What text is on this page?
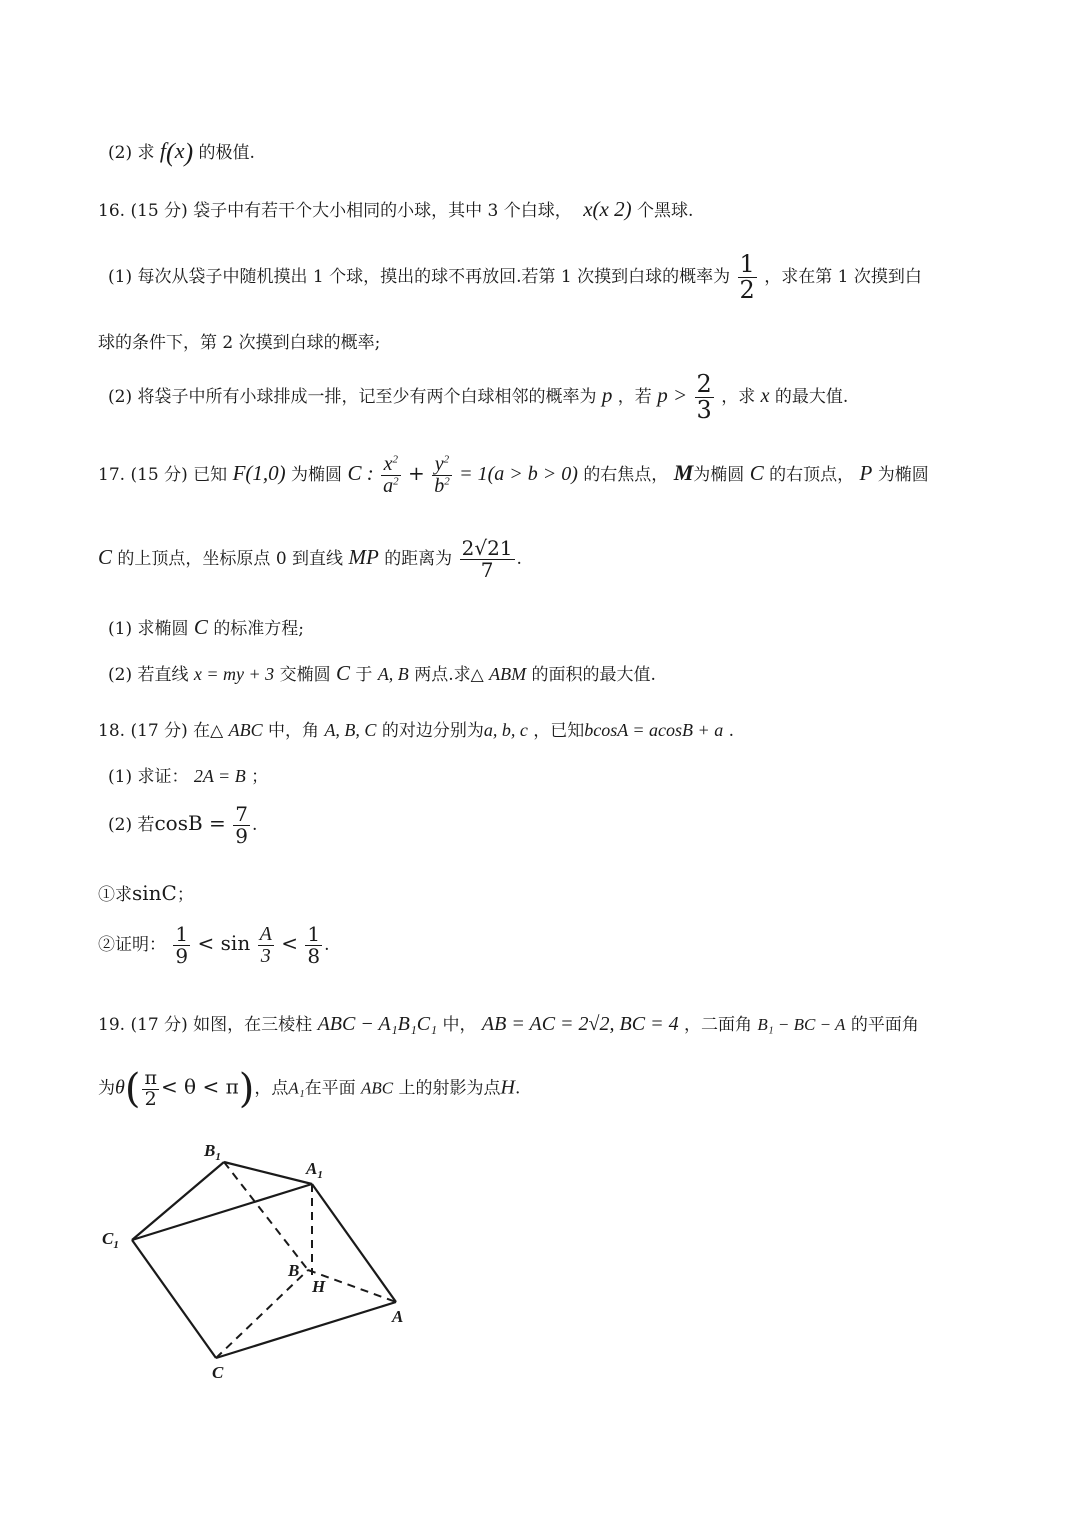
(2) 求 f(x) 的极值.
16. (15 分) 袋子中有若干个大小相同的小球，其中 3 个白球， x(x 2) 个黑球.
(1) 每次从袋子中随机摸出 1 个球，摸出的球不再放回.若第 1 次摸到白球的概率为 $\frac{1}{2}$ ，求在第 1 次摸到白
球的条件下，第 2 次摸到白球的概率;
(2) 将袋子中所有小球排成一排，记至少有两个白球相邻的概率为 p ，若 $p > \frac{2}{3}$ ，求 x 的最大值.
17. (15 分) 已知 F(1,0) 为椭圆 C : $\frac{x^2}{a^2} + \frac{y^2}{b^2} = 1(a > b > 0)$ 的右焦点， M为椭圆 C 的右顶点， P 为椭圆
C 的上顶点，坐标原点 0 到直线 MP 的距离为 $\frac{2√21}{7}$ .
(1) 求椭圆 C 的标准方程;
(2) 若直线 x = my + 3 交椭圆 C 于 A, B 两点.求△ ABM 的面积的最大值.
18. (17 分) 在△ ABC 中，角 A, B, C 的对边分别为a, b, c ，已知bcosA = acosB + a .
(1) 求证： 2A = B ；
(2) 若$\cos B = \frac{7}{9}$ .
①求sinC；
②证明： $\frac{1}{9} < \sin \frac{A}{3} < \frac{1}{8}$ .
19. (17 分) 如图，在三棱柱 ABC − A₁B₁C₁ 中， AB = AC = 2√2, BC = 4 ，二面角 B₁ − BC − A 的平面角
为$\theta( \frac{\pi}{2} < \theta < \pi)$，点A₁在平面 ABC 上的射影为点H.
$B_1$
$A_1$
$C_1$
B
H
A
C
